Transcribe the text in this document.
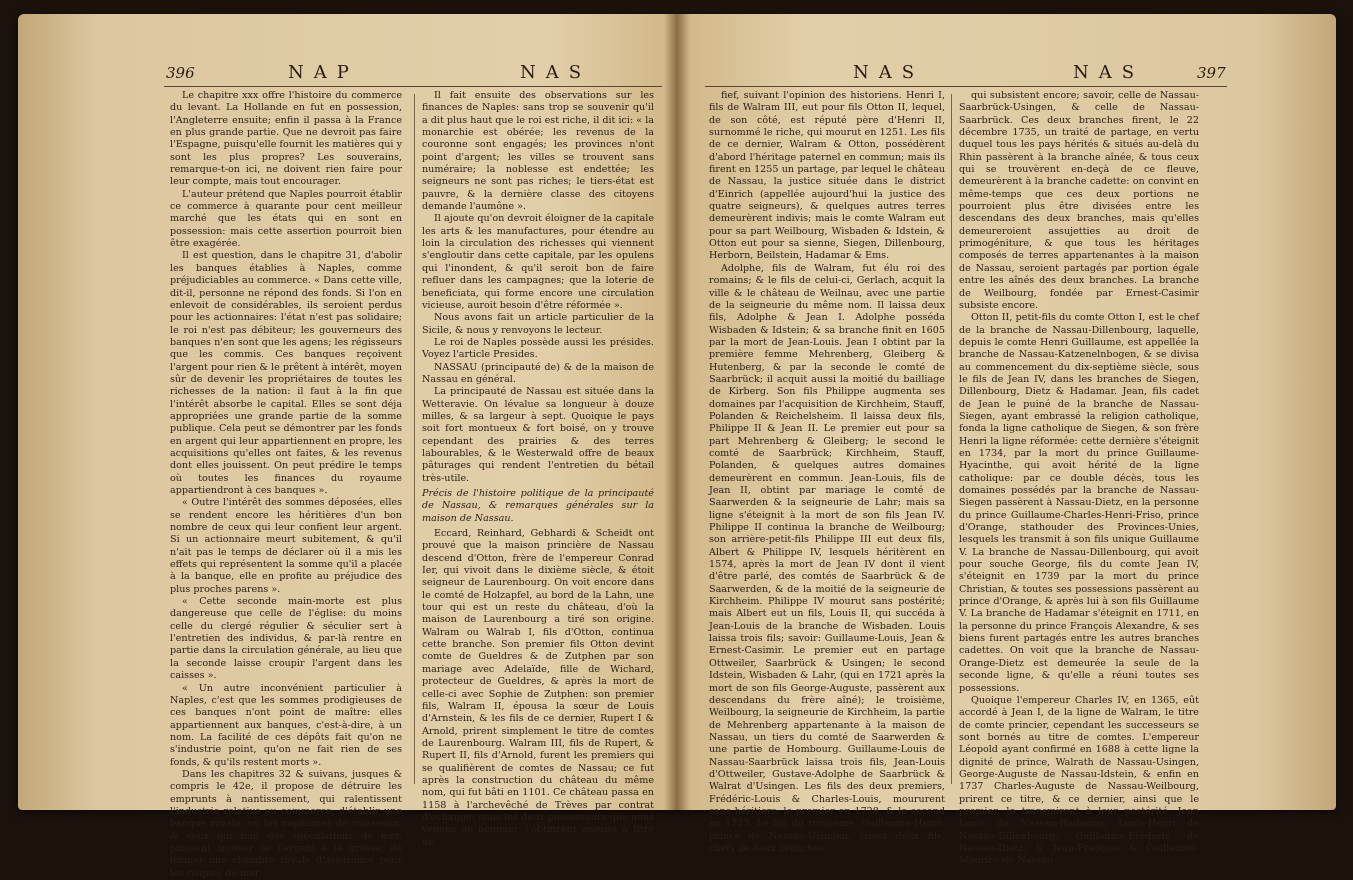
396	NAP	NAS

Le chapitre xxx offre l'histoire du commerce du levant. La Hollande en fut en possession, l'Angleterre ensuite; enfin il passa à la France en plus grande partie. Que ne devroit pas faire l'Espagne, puisqu'elle fournit les matières qui y sont les plus propres? Les souverains, remarque-t-on ici, ne doivent rien faire pour leur compte, mais tout encourager.

L'auteur prétend que Naples pourroit établir ce commerce à quarante pour cent meilleur marché que les états qui en sont en possession: mais cette assertion pourroit bien être exagérée.

Il est question, dans le chapitre 31, d'abolir les banques établies à Naples, comme préjudiciables au commerce. « Dans cette ville, dit-il, personne ne répond des fonds. Si l'on en enlevoit de considérables, ils seroient perdus pour les actionnaires: l'état n'est pas solidaire; le roi n'est pas débiteur; les gouverneurs des banques n'en sont que les agens; les régisseurs que les commis. Ces banques reçoivent l'argent pour rien & le prêtent à intérêt, moyen sûr de devenir les propriétaires de toutes les richesses de la nation: il faut à la fin que l'intérêt absorbe le capital. Elles se sont déja appropriées une grande partie de la somme publique. Cela peut se démontrer par les fonds en argent qui leur appartiennent en propre, les acquisitions qu'elles ont faites, & les revenus dont elles jouissent. On peut prédire le temps où toutes les finances du royaume appartiendront à ces banques ».

« Outre l'intérêt des sommes déposées, elles se rendent encore les héritières d'un bon nombre de ceux qui leur confient leur argent. Si un actionnaire meurt subitement, & qu'il n'ait pas le temps de déclarer où il a mis les effets qui représentent la somme qu'il a placée à la banque, elle en profite au préjudice des plus proches parens ».

« Cette seconde main-morte est plus dangereuse que celle de l'église: du moins celle du clergé régulier & séculier sert à l'entretien des individus, & par-là rentre en partie dans la circulation générale, au lieu que la seconde laisse croupir l'argent dans les caisses ».

« Un autre inconvénient particulier à Naples, c'est que les sommes prodigieuses de ces banques n'ont point de maître: elles appartiennent aux banques, c'est-à-dire, à un nom. La facilité de ces dépôts fait qu'on ne s'industrie point, qu'on ne fait rien de ses fonds, & qu'ils restent morts ».

Dans les chapitres 32 & suivans, jusques & compris le 42e, il propose de détruire les emprunts à nantissement, qui ralentissent l'industrie relative au commerce; d'établir une banque royale, où les capitaines de vaisseaux, & ceux qui font des spéculations de mer, puissent trouver de l'argent à la grosse; de former une chambre royale d'assurance pour les risques de mer.

Il fait ensuite des observations sur les finances de Naples: sans trop se souvenir qu'il a dit plus haut que le roi est riche, il dit ici: « la monarchie est obérée; les revenus de la couronne sont engagés; les provinces n'ont point d'argent; les villes se trouvent sans numéraire; la noblesse est endettée; les seigneurs ne sont pas riches; le tiers-état est pauvre, & la dernière classe des citoyens demande l'aumône ».

Il ajoute qu'on devroit éloigner de la capitale les arts & les manufactures, pour étendre au loin la circulation des richesses qui viennent s'engloutir dans cette capitale, par les opulens qui l'inondent, & qu'il seroit bon de faire refluer dans les campagnes; que la loterie de beneficiata, qui forme encore une circulation vicieuse, auroit besoin d'être réformée ».

Nous avons fait un article particulier de la Sicile, & nous y renvoyons le lecteur.

Le roi de Naples possède aussi les présides. Voyez l'article Presides.

NASSAU (principauté de) & de la maison de Nassau en général.

La principauté de Nassau est située dans la Wetteravie. On lévalue sa longueur à douze milles, & sa largeur à sept. Quoique le pays soit fort montueux & fort boisé, on y trouve cependant des prairies & des terres labourables, & le Westerwald offre de beaux pâturages qui rendent l'entretien du bétail très-utile.

Précis de l'histoire politique de la principauté de Nassau, & remarques générales sur la maison de Nassau.

Eccard, Reinhard, Gebhardi & Scheidt ont prouvé que la maison princière de Nassau descend d'Otton, frère de l'empereur Conrad Ier, qui vivoit dans le dixième siècle, & étoit seigneur de Laurenbourg. On voit encore dans le comté de Holzapfel, au bord de la Lahn, une tour qui est un reste du château, d'où la maison de Laurenbourg a tiré son origine. Walram ou Walrab I, fils d'Otton, continua cette branche. Son premier fils Otton devint comte de Gueldres & de Zutphen par son mariage avec Adelaïde, fille de Wichard, protecteur de Gueldres, & après la mort de celle-ci avec Sophie de Zutphen: son premier fils, Walram II, épousa la sœur de Louis d'Arnstein, & les fils de ce dernier, Rupert I & Arnold, prirent simplement le titre de comtes de Laurenbourg. Walram III, fils de Rupert, & Rupert II, fils d'Arnold, furent les premiers qui se qualifièrent de comtes de Nassau; ce fut après la construction du château du même nom, qui fut bâti en 1101. Ce château passa en 1158 à l'archevêché de Trèves par contrat d'échange; mais les deux possesseurs que nous venons de nommer, l'obtinrent ensuite à titre de

NAS	NAS	397

fief, suivant l'opinion des historiens. Henri I, fils de Walram III, eut pour fils Otton II, lequel, de son côté, est réputé père d'Henri II, surnommé le riche, qui mourut en 1251. Les fils de ce dernier, Walram & Otton, possédèrent d'abord l'héritage paternel en commun; mais ils firent en 1255 un partage, par lequel le château de Nassau, la justice située dans le district d'Einrich (appellée aujourd'hui la justice des quatre seigneurs), & quelques autres terres demeurèrent indivis; mais le comte Walram eut pour sa part Weilbourg, Wisbaden & Idstein, & Otton eut pour sa sienne, Siegen, Dillenbourg, Herborn, Beilstein, Hadamar & Ems.

Adolphe, fils de Walram, fut élu roi des romains; & le fils de celui-ci, Gerlach, acquit la ville & le château de Weilnau, avec une partie de la seigneurie du même nom. Il laissa deux fils, Adolphe & Jean I. Adolphe posséda Wisbaden & Idstein; & sa branche finit en 1605 par la mort de Jean-Louis. Jean I obtint par la première femme Mehrenberg, Gleiberg & Hutenberg, & par la seconde le comté de Saarbrück; il acquit aussi la moitié du bailliage de Kirberg. Son fils Philippe augmenta ses domaines par l'acquisition de Kirchheim, Stauff, Polanden & Reichelsheim. Il laissa deux fils, Philippe II & Jean II. Le premier eut pour sa part Mehrenberg & Gleiberg; le second le comté de Saarbrück; Kirchheim, Stauff, Polanden, & quelques autres domaines demeurèrent en commun. Jean-Louis, fils de Jean II, obtint par mariage le comté de Saarwerden & la seigneurie de Lahr; mais sa ligne s'éteignit à la mort de son fils Jean IV. Philippe II continua la branche de Weilbourg; son arrière-petit-fils Philippe III eut deux fils, Albert & Philippe IV, lesquels héritèrent en 1574, après la mort de Jean IV dont il vient d'être parlé, des comtés de Saarbrück & de Saarwerden, & de la moitié de la seigneurie de Kirchheim. Philippe IV mourut sans postérité; mais Albert eut un fils, Louis II, qui succéda à Jean-Louis de la branche de Wisbaden. Louis laissa trois fils; savoir: Guillaume-Louis, Jean & Ernest-Casimir. Le premier eut en partage Ottweiler, Saarbrück & Usingen; le second Idstein, Wisbaden & Lahr, (qui en 1721 après la mort de son fils George-Auguste, passèrent aux descendans du frère aîné); le troisième, Weilbourg, la seigneurie de Kirchheim, la partie de Mehrenberg appartenante à la maison de Nassau, un tiers du comté de Saarwerden & une partie de Hombourg. Guillaume-Louis de Nassau-Saarbrück laissa trois fils, Jean-Louis d'Ottweiler, Gustave-Adolphe de Saarbrück & Walrat d'Usingen. Les fils des deux premiers, Frédéric-Louis & Charles-Louis, moururent sans héritiers; le premier en 1728, & le second en 1723. Le fils du troisième, Guillaume-Henri, prince de Nassau-Usingen, laissa deux fils, chefs de deux branches

qui subsistent encore; savoir, celle de Nassau-Saarbrück-Usingen, & celle de Nassau-Saarbrück. Ces deux branches firent, le 22 décembre 1735, un traité de partage, en vertu duquel tous les pays hérités & situés au-delà du Rhin passèrent à la branche aînée, & tous ceux qui se trouvèrent en-deçà de ce fleuve, demeurèrent à la branche cadette: on convint en même-temps que ces deux portions ne pourroient plus être divisées entre les descendans des deux branches, mais qu'elles demeureroient assujetties au droit de primogéniture, & que tous les héritages composés de terres appartenantes à la maison de Nassau, seroient partagés par portion égale entre les aînés des deux branches. La branche de Weilbourg, fondée par Ernest-Casimir subsiste encore.

Otton II, petit-fils du comte Otton I, est le chef de la branche de Nassau-Dillenbourg, laquelle, depuis le comte Henri Guillaume, est appellée la branche de Nassau-Katzenelnbogen, & se divisa au commencement du dix-septième siècle, sous le fils de Jean IV, dans les branches de Siegen, Dillenbourg, Dietz & Hadamar. Jean, fils cadet de Jean le puiné de la branche de Nassau-Siegen, ayant embrassé la religion catholique, fonda la ligne catholique de Siegen, & son frère Henri la ligne réformée: cette dernière s'éteignit en 1734, par la mort du prince Guillaume-Hyacinthe, qui avoit hérité de la ligne catholique: par ce double décès, tous les domaines possédés par la branche de Nassau-Siegen passèrent à Nassau-Dietz, en la personne du prince Guillaume-Charles-Henri-Friso, prince d'Orange, stathouder des Provinces-Unies, lesquels les transmit à son fils unique Guillaume V. La branche de Nassau-Dillenbourg, qui avoit pour souche George, fils du comte Jean IV, s'éteignit en 1739 par la mort du prince Christian, & toutes ses possessions passèrent au prince d'Orange, & après lui à son fils Guillaume V. La branche de Hadamar s'éteignit en 1711, en la personne du prince François Alexandre, & ses biens furent partagés entre les autres branches cadettes. On voit que la branche de Nassau-Orange-Dietz est demeurée la seule de la seconde ligne, & qu'elle a réuni toutes ses possessions.

Quoique l'empereur Charles IV, en 1365, eût accordé à Jean I, de la ligne de Walram, le titre de comte princier, cependant les successeurs se sont bornés au titre de comtes. L'empereur Léopold ayant confirmé en 1688 à cette ligne la dignité de prince, Walrath de Nassau-Usingen, George-Auguste de Nassau-Idstein, & enfin en 1737 Charles-Auguste de Nassau-Weilbourg, prirent ce titre, & ce dernier, ainsi que le premier, le transmirent à leur postérité. Jean Louis de Nassau-Hadamar, Louis-Henri de Nassau-Dillenbourg, Guillaume-Frédéric de Nassau-Dietz, & Jean-François & Guillaume-Maurice de Nassau-
